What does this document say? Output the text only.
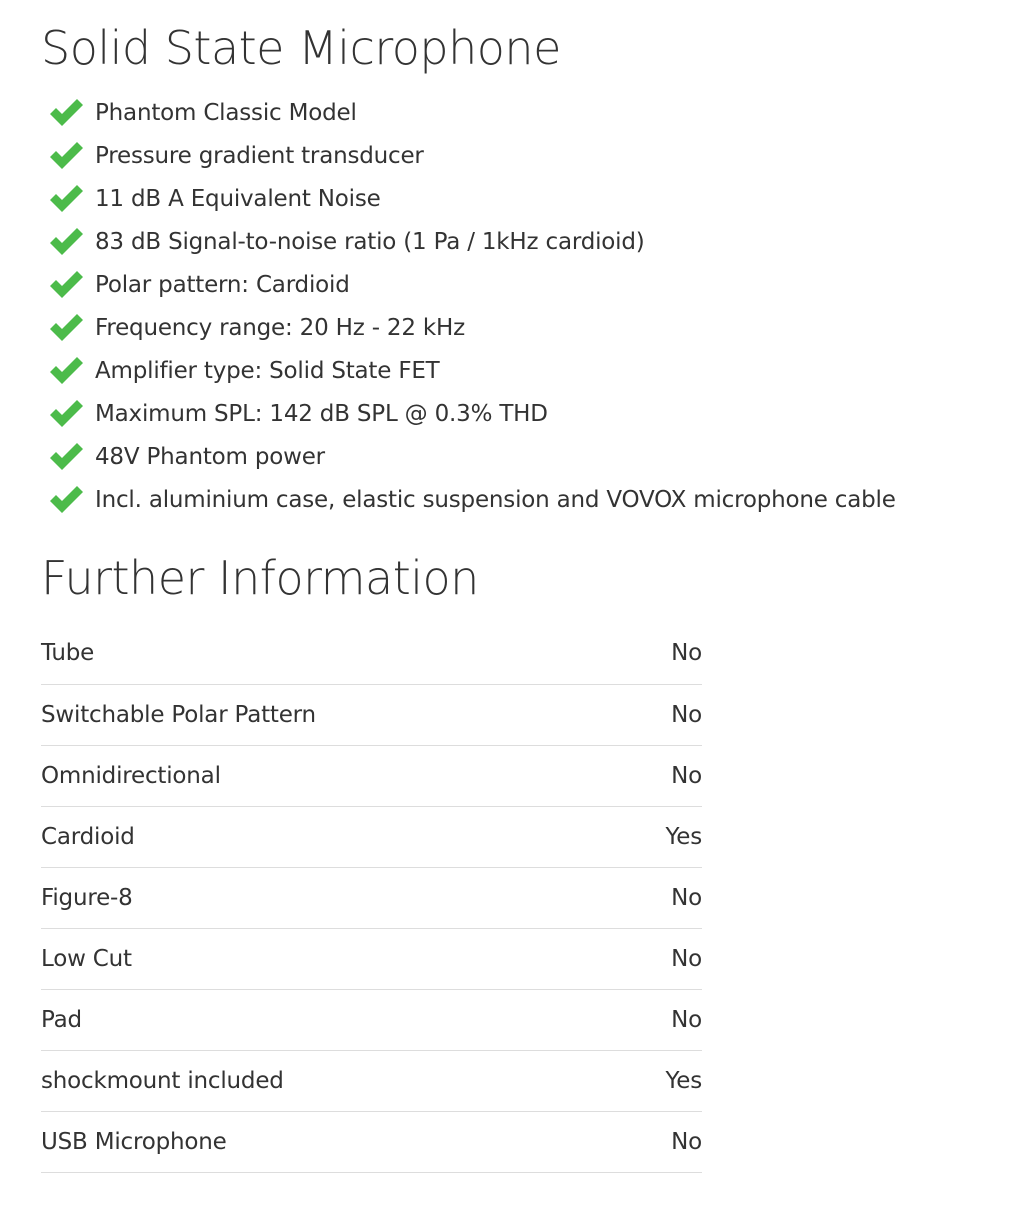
Solid State Microphone
Phantom Classic Model
Pressure gradient transducer
11 dB A Equivalent Noise
83 dB Signal-to-noise ratio (1 Pa / 1kHz cardioid)
Polar pattern: Cardioid
Frequency range: 20 Hz - 22 kHz
Amplifier type: Solid State FET
Maximum SPL: 142 dB SPL @ 0.3% THD
48V Phantom power
Incl. aluminium case, elastic suspension and VOVOX microphone cable
Further Information
Tube	No
Switchable Polar Pattern	No
Omnidirectional	No
Cardioid	Yes
Figure-8	No
Low Cut	No
Pad	No
shockmount included	Yes
USB Microphone	No
